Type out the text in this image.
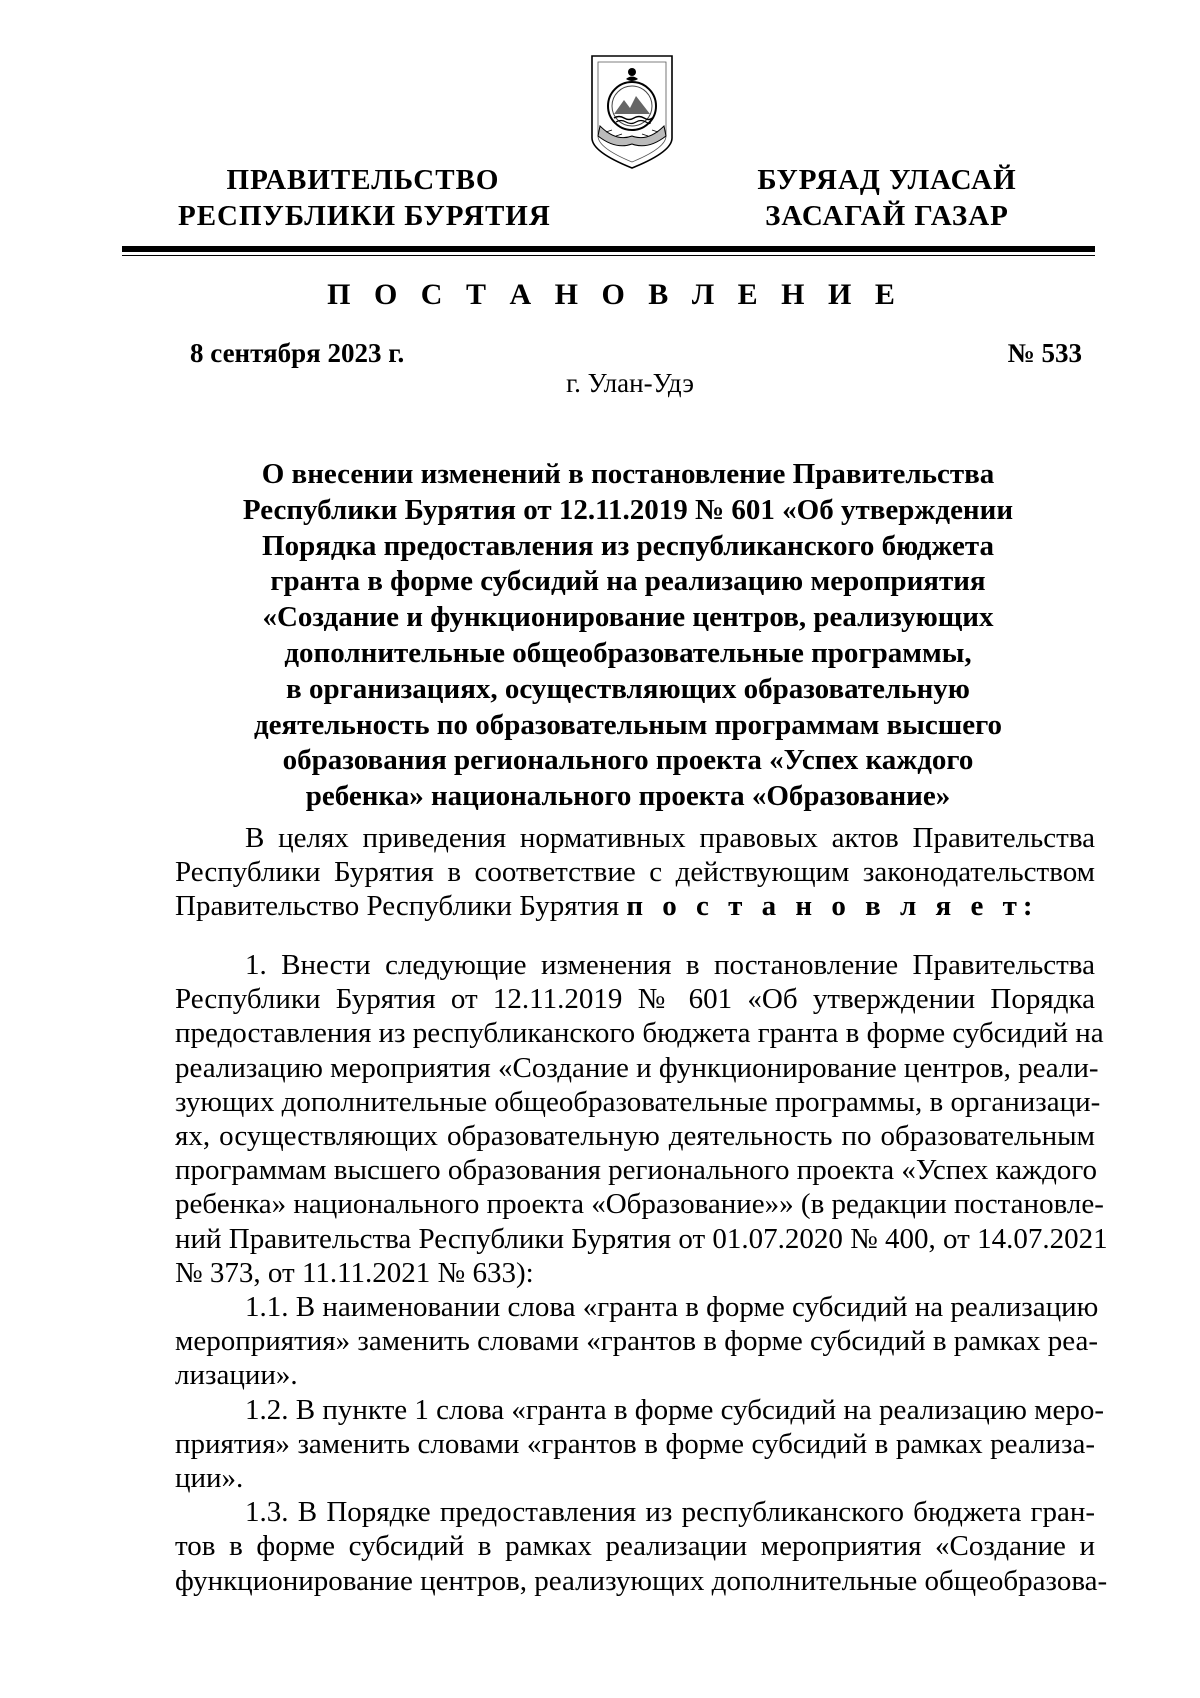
ПРАВИТЕЛЬСТВО
РЕСПУБЛИКИ БУРЯТИЯ
БУРЯАД УЛАСАЙ
ЗАСАГАЙ ГАЗАР
П О С Т А Н О В Л Е Н И Е
8 сентября 2023 г.	№ 533
г. Улан-Удэ
О внесении изменений в постановление Правительства
Республики Бурятия от 12.11.2019 № 601 «Об утверждении
Порядка предоставления из республиканского бюджета
гранта в форме субсидий на реализацию мероприятия
«Создание и функционирование центров, реализующих
дополнительные общеобразовательные программы,
в организациях, осуществляющих образовательную
деятельность по образовательным программам высшего
образования регионального проекта «Успех каждого
ребенка» национального проекта «Образование»
В целях приведения нормативных правовых актов Правительства
Республики Бурятия в соответствие с действующим законодательством
Правительство Республики Бурятия п о с т а н о в л я е т:
1. Внести следующие изменения в постановление Правительства
Республики Бурятия от 12.11.2019 № 601 «Об утверждении Порядка
предоставления из республиканского бюджета гранта в форме субсидий на
реализацию мероприятия «Создание и функционирование центров, реали-
зующих дополнительные общеобразовательные программы, в организаци-
ях, осуществляющих образовательную деятельность по образовательным
программам высшего образования регионального проекта «Успех каждого
ребенка» национального проекта «Образование»» (в редакции постановле-
ний Правительства Республики Бурятия от 01.07.2020 № 400, от 14.07.2021
№ 373, от 11.11.2021 № 633):
1.1. В наименовании слова «гранта в форме субсидий на реализацию
мероприятия» заменить словами «грантов в форме субсидий в рамках реа-
лизации».
1.2. В пункте 1 слова «гранта в форме субсидий на реализацию меро-
приятия» заменить словами «грантов в форме субсидий в рамках реализа-
ции».
1.3. В Порядке предоставления из республиканского бюджета гран-
тов в форме субсидий в рамках реализации мероприятия «Создание и
функционирование центров, реализующих дополнительные общеобразова-
